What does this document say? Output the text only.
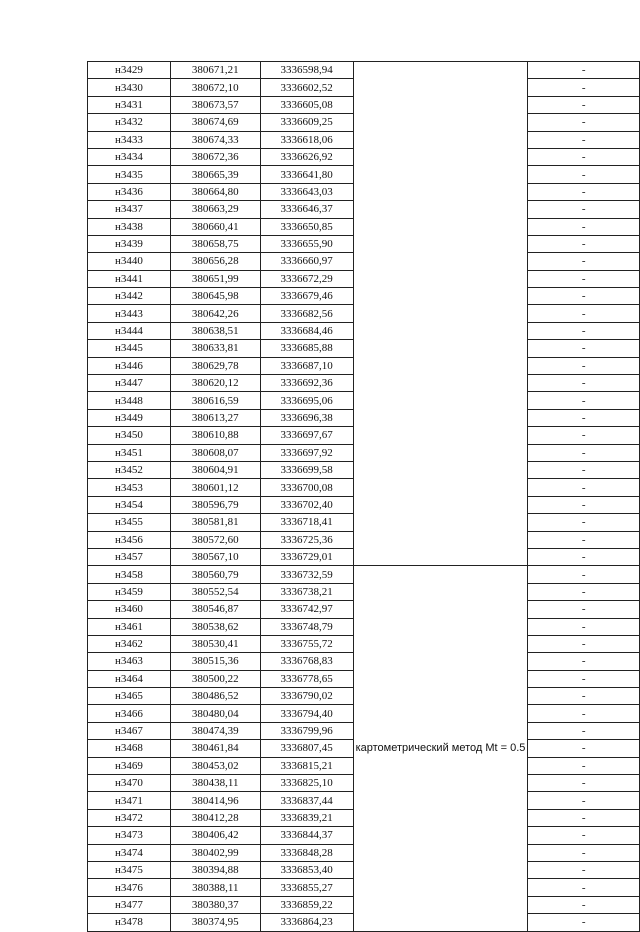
н3429	380671,21	3336598,94		-
н3430	380672,10	3336602,52		-
н3431	380673,57	3336605,08		-
н3432	380674,69	3336609,25		-
н3433	380674,33	3336618,06		-
н3434	380672,36	3336626,92		-
н3435	380665,39	3336641,80		-
н3436	380664,80	3336643,03		-
н3437	380663,29	3336646,37		-
н3438	380660,41	3336650,85		-
н3439	380658,75	3336655,90		-
н3440	380656,28	3336660,97		-
н3441	380651,99	3336672,29		-
н3442	380645,98	3336679,46		-
н3443	380642,26	3336682,56		-
н3444	380638,51	3336684,46		-
н3445	380633,81	3336685,88		-
н3446	380629,78	3336687,10		-
н3447	380620,12	3336692,36		-
н3448	380616,59	3336695,06		-
н3449	380613,27	3336696,38		-
н3450	380610,88	3336697,67		-
н3451	380608,07	3336697,92		-
н3452	380604,91	3336699,58		-
н3453	380601,12	3336700,08		-
н3454	380596,79	3336702,40		-
н3455	380581,81	3336718,41		-
н3456	380572,60	3336725,36		-
н3457	380567,10	3336729,01		-
н3458	380560,79	3336732,59	картометрический метод Mt = 0.5	-
н3459	380552,54	3336738,21		-
н3460	380546,87	3336742,97		-
н3461	380538,62	3336748,79		-
н3462	380530,41	3336755,72		-
н3463	380515,36	3336768,83		-
н3464	380500,22	3336778,65		-
н3465	380486,52	3336790,02		-
н3466	380480,04	3336794,40		-
н3467	380474,39	3336799,96		-
н3468	380461,84	3336807,45		-
н3469	380453,02	3336815,21		-
н3470	380438,11	3336825,10		-
н3471	380414,96	3336837,44		-
н3472	380412,28	3336839,21		-
н3473	380406,42	3336844,37		-
н3474	380402,99	3336848,28		-
н3475	380394,88	3336853,40		-
н3476	380388,11	3336855,27		-
н3477	380380,37	3336859,22		-
н3478	380374,95	3336864,23		-
